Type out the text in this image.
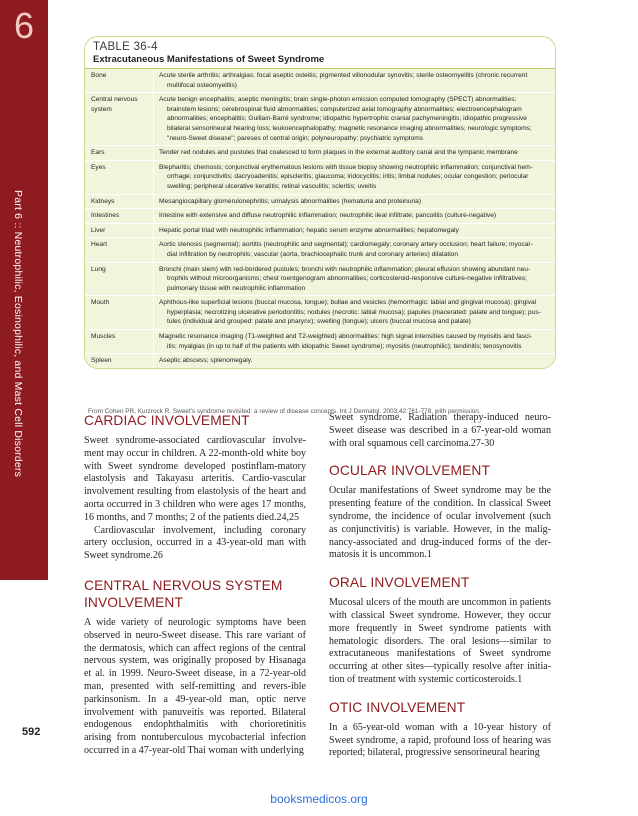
6
Part 6 :: Neutrophilic, Eosinophilic, and Mast Cell Disorders
592
TABLE 36-4
Extracutaneous Manifestations of Sweet Syndrome
Bone	Acute sterile arthritis; arthralgias; focal aseptic osteitis; pigmented villonodular synovitis; sterile osteomyelitis (chronic recurrent
multifocal osteomyelitis)
Central nervous system
Acute benign encephalitis; aseptic meningitis; brain single-photon emission computed tomography (SPECT) abnormalities;
brainstem lesions; cerebrospinal fluid abnormalities; computerized axial tomography abnormalities; electroencephalogram
abnormalities; encephalitis; Guillain-Barré syndrome; idiopathic hypertrophic cranial pachymeningitis; idiopathic progressive
bilateral sensorineural hearing loss; leukoencephalopathy; magnetic resonance imaging abnormalities; neurologic symptoms;
"neuro-Sweet disease"; pareses of central origin; polyneuropathy; psychiatric symptoms
Ears	Tender red nodules and pustules that coalesced to form plaques in the external auditory canal and the tympanic membrane
Eyes	Blepharitis; chemosis; conjunctival erythematous lesions with tissue biopsy showing neutrophilic inflammation; conjunctival hem-
orrhage; conjunctivitis; dacryoadenitis; episcleritis; glaucoma; iridocyclitis; iritis; limbal nodules; ocular congestion; periocular
swelling; peripheral ulcerative keratitis; retinal vasculitis; scleritis; uveitis
Kidneys	Mesangiocapillary glomerulonephritis; urinalysis abnormalities (hematuria and proteinuria)
Intestines	Intestine with extensive and diffuse neutrophilic inflammation; neutrophilic ileal infiltrate; pancolitis (culture-negative)
Liver	Hepatic portal triad with neutrophilic inflammation; hepatic serum enzyme abnormalities; hepatomegaly
Heart	Aortic stenosis (segmental); aortitis (neutrophilic and segmental); cardiomegaly; coronary artery occlusion; heart failure; myocar-
dial infiltration by neutrophils; vascular (aorta, brachiocephalic trunk and coronary arteries) dilatation
Lung	Bronchi (main stem) with red-bordered pustules; bronchi with neutrophilic inflammation; pleural effusion showing abundant neu-
trophils without microorganisms; chest roentgenogram abnormalities; corticosteroid-responsive culture-negative infiltratives;
pulmonary tissue with neutrophilic inflammation
Mouth	Aphthous-like superficial lesions (buccal mucosa, tongue); bullae and vesicles (hemorrhagic: labial and gingival mucosa); gingival
hyperplasia; necrotizing ulcerative periodontitis; nodules (necrotic: labial mucosa); papules (macerated: palate and tongue); pus-
tules (individual and grouped: palate and pharynx); swelling (tongue); ulcers (buccal mucosa and palate)
Muscles	Magnetic resonance imaging (T1-weighted and T2-weighted) abnormalities: high signal intensities caused by myositis and fasci-
itis; myalgias (in up to half of the patients with idiopathic Sweet syndrome); myositis (neutrophilic); tendinitis; tenosynovitis
Spleen	Aseptic abscess; splenomegaly.
From Cohen PR, Kurzrock R. Sweet's syndrome revisited: a review of disease concepts. Int J Dermatol. 2003;42:761-778, with permission.
CARDIAC INVOLVEMENT

Sweet syndrome-associated cardiovascular involve-ment may occur in children. A 22-month-old white boy with Sweet syndrome developed postinflam-matory elastolysis and Takayasu arteritis. Cardio-vascular involvement resulting from elastolysis of the heart and aorta occurred in 3 children who were ages 17 months, 16 months, and 7 months; 2 of the patients died.24,25

Cardiovascular involvement, including coronary artery occlusion, occurred in a 43-year-old man with Sweet syndrome.26

CENTRAL NERVOUS SYSTEM INVOLVEMENT

A wide variety of neurologic symptoms have been observed in neuro-Sweet disease. This rare variant of the dermatosis, which can affect regions of the central nervous system, was originally proposed by Hisanaga et al. in 1999. Neuro-Sweet disease, in a 72-year-old man, presented with self-remitting and revers-ible parkinsonism. In a 49-year-old man, optic nerve involvement with panuveitis was reported. Bilateral endogenous endophthalmitis with chorioretinitis arising from nontuberculous mycobacterial infection occurred in a 47-year-old Thai woman with underlying

Sweet syndrome. Radiation therapy-induced neuro-Sweet disease was described in a 67-year-old woman with oral squamous cell carcinoma.27-30

OCULAR INVOLVEMENT

Ocular manifestations of Sweet syndrome may be the presenting feature of the condition. In classical Sweet syndrome, the incidence of ocular involvement (such as conjunctivitis) is variable. However, in the malig-nancy-associated and drug-induced forms of the der-matosis it is uncommon.1

ORAL INVOLVEMENT

Mucosal ulcers of the mouth are uncommon in patients with classical Sweet syndrome. However, they occur more frequently in Sweet syndrome patients with hematologic disorders. The oral lesions—similar to extracutaneous manifestations of Sweet syndrome occurring at other sites—typically resolve after initia-tion of treatment with systemic corticosteroids.1

OTIC INVOLVEMENT

In a 65-year-old woman with a 10-year history of Sweet syndrome, a rapid, profound loss of hearing was reported; bilateral, progressive sensorineural hearing

booksmedicos.org
